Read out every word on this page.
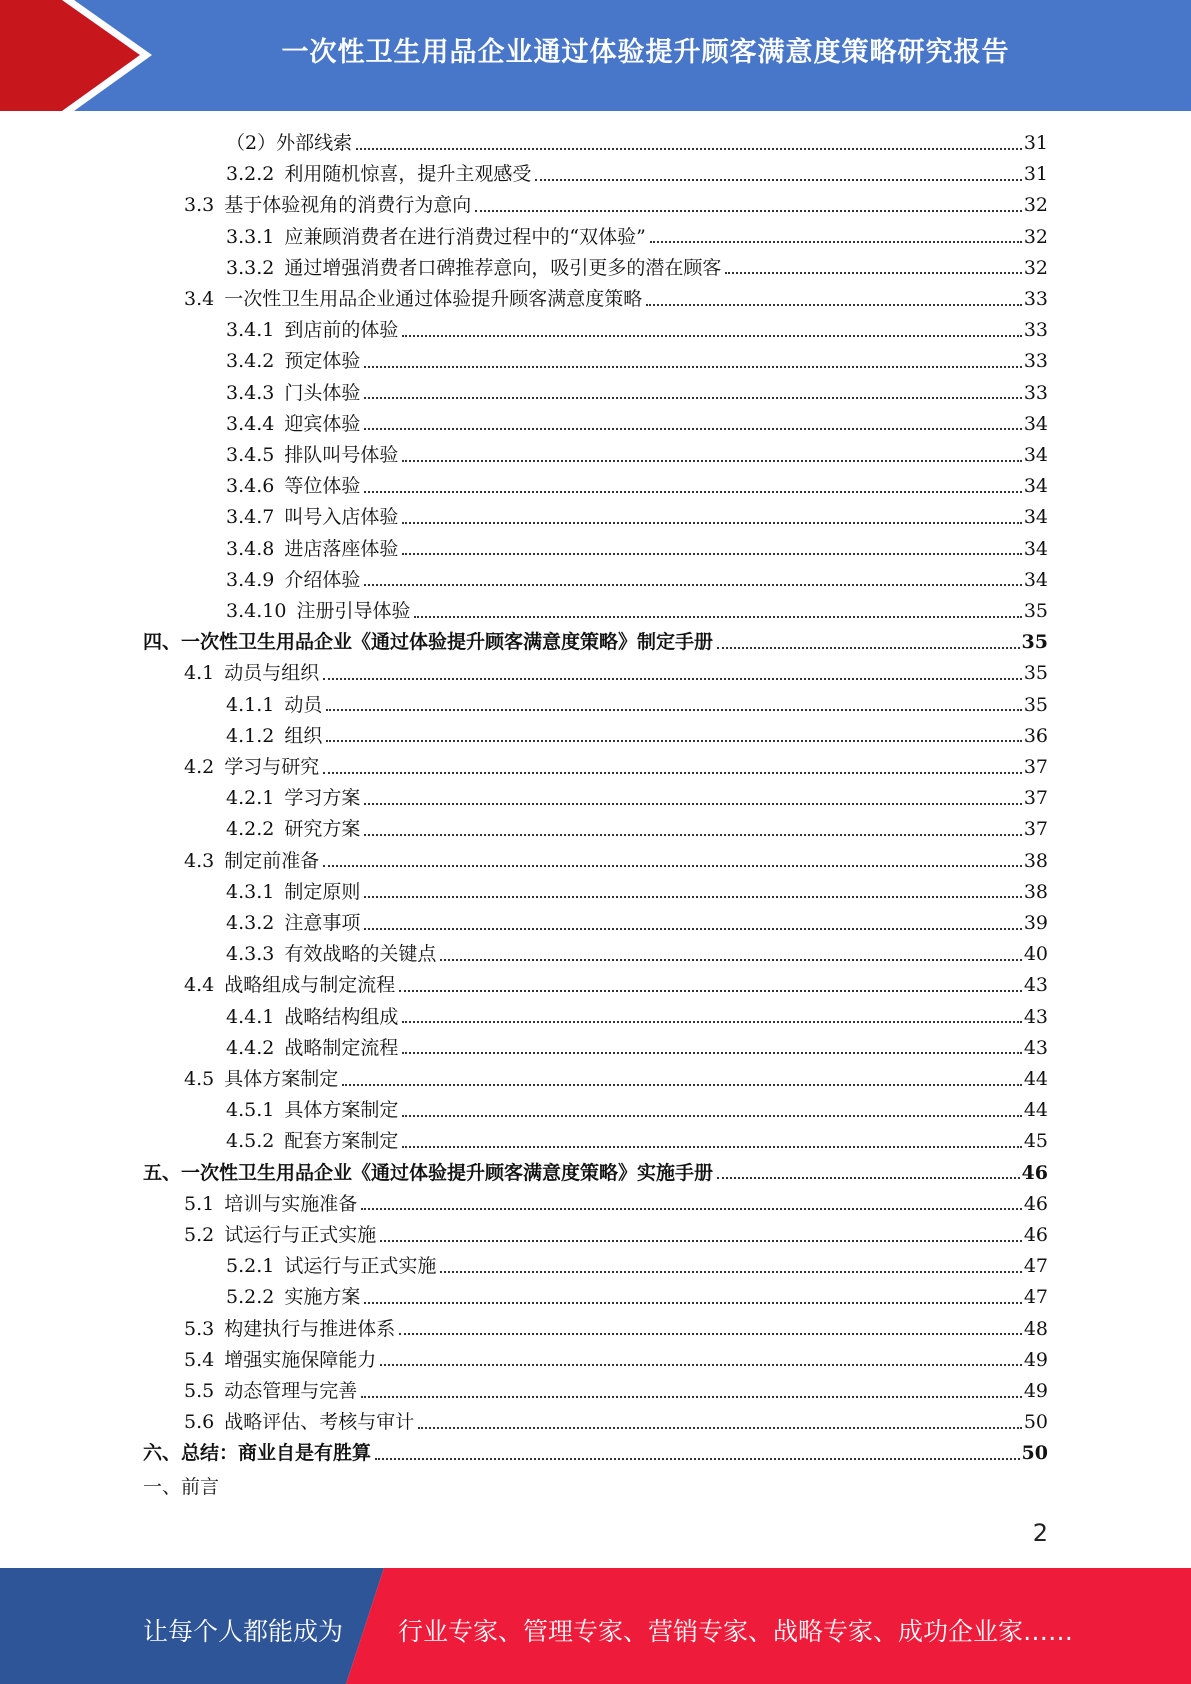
一次性卫生用品企业通过体验提升顾客满意度策略研究报告
（2）外部线索	31
3.2.2 利用随机惊喜，提升主观感受	31
3.3 基于体验视角的消费行为意向	32
3.3.1 应兼顾消费者在进行消费过程中的“双体验”	32
3.3.2 通过增强消费者口碑推荐意向，吸引更多的潜在顾客	32
3.4 一次性卫生用品企业通过体验提升顾客满意度策略	33
3.4.1 到店前的体验	33
3.4.2 预定体验	33
3.4.3 门头体验	33
3.4.4 迎宾体验	34
3.4.5 排队叫号体验	34
3.4.6 等位体验	34
3.4.7 叫号入店体验	34
3.4.8 进店落座体验	34
3.4.9 介绍体验	34
3.4.10 注册引导体验	35
四、一次性卫生用品企业《通过体验提升顾客满意度策略》制定手册	35
4.1 动员与组织	35
4.1.1 动员	35
4.1.2 组织	36
4.2 学习与研究	37
4.2.1 学习方案	37
4.2.2 研究方案	37
4.3 制定前准备	38
4.3.1 制定原则	38
4.3.2 注意事项	39
4.3.3 有效战略的关键点	40
4.4 战略组成与制定流程	43
4.4.1 战略结构组成	43
4.4.2 战略制定流程	43
4.5 具体方案制定	44
4.5.1 具体方案制定	44
4.5.2 配套方案制定	45
五、一次性卫生用品企业《通过体验提升顾客满意度策略》实施手册	46
5.1 培训与实施准备	46
5.2 试运行与正式实施	46
5.2.1 试运行与正式实施	47
5.2.2 实施方案	47
5.3 构建执行与推进体系	48
5.4 增强实施保障能力	49
5.5 动态管理与完善	49
5.6 战略评估、考核与审计	50
六、总结：商业自是有胜算	50
一、前言
2
让每个人都能成为 行业专家、管理专家、营销专家、战略专家、成功企业家……
